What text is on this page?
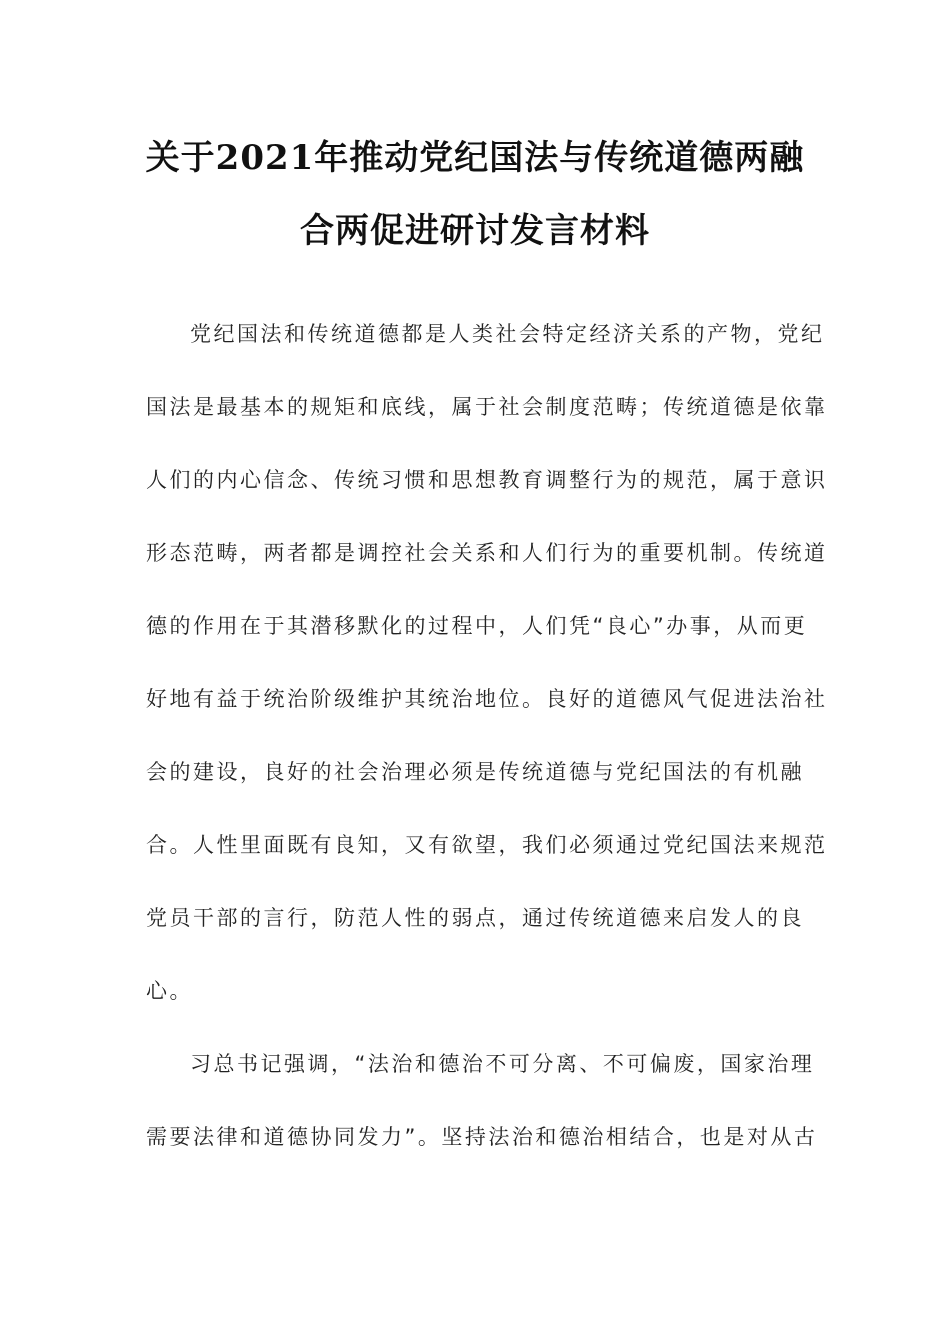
关于2021年推动党纪国法与传统道德两融
合两促进研讨发言材料
党纪国法和传统道德都是人类社会特定经济关系的产物，党纪
国法是最基本的规矩和底线，属于社会制度范畴；传统道德是依靠
人们的内心信念、传统习惯和思想教育调整行为的规范，属于意识
形态范畴，两者都是调控社会关系和人们行为的重要机制。传统道
德的作用在于其潜移默化的过程中，人们凭“良心”办事，从而更
好地有益于统治阶级维护其统治地位。良好的道德风气促进法治社
会的建设，良好的社会治理必须是传统道德与党纪国法的有机融
合。人性里面既有良知，又有欲望，我们必须通过党纪国法来规范
党员干部的言行，防范人性的弱点，通过传统道德来启发人的良
心。
习总书记强调，“法治和德治不可分离、不可偏废，国家治理
需要法律和道德协同发力”。坚持法治和德治相结合，也是对从古
